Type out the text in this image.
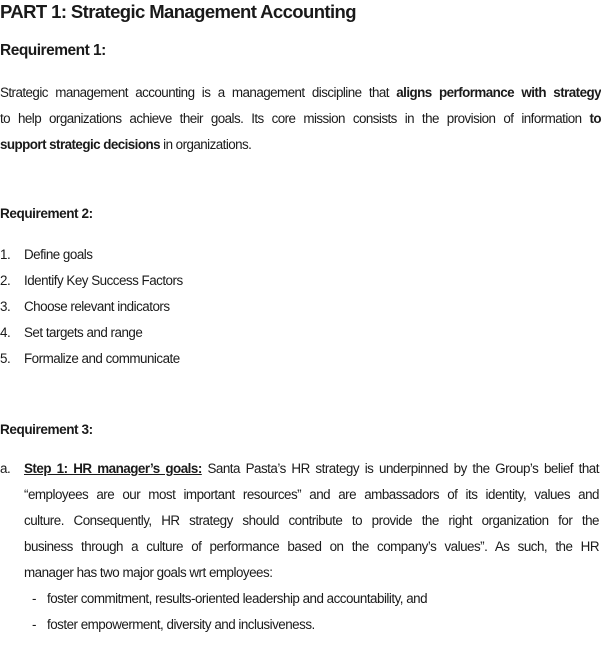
PART 1: Strategic Management Accounting
Requirement 1:
Strategic management accounting is a management discipline that aligns performance with strategy
to help organizations achieve their goals. Its core mission consists in the provision of information to
support strategic decisions in organizations.
Requirement 2:
1. Define goals
2. Identify Key Success Factors
3. Choose relevant indicators
4. Set targets and range
5. Formalize and communicate
Requirement 3:
a. Step 1: HR manager’s goals: Santa Pasta’s HR strategy is underpinned by the Group’s belief that
“employees are our most important resources” and are ambassadors of its identity, values and
culture. Consequently, HR strategy should contribute to provide the right organization for the
business through a culture of performance based on the company’s values”. As such, the HR
manager has two major goals wrt employees:
- foster commitment, results-oriented leadership and accountability, and
- foster empowerment, diversity and inclusiveness.
